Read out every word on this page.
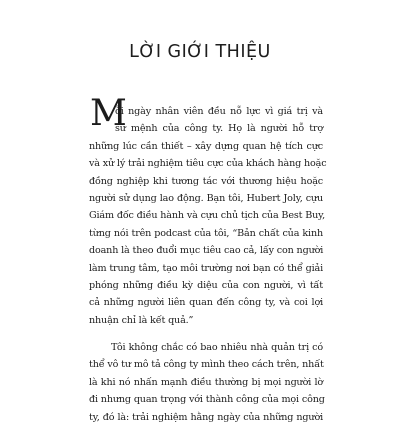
LỜI GIỚI THIỆU
M
ỗi ngày nhân viên đều nỗ lực vì giá trị và
sứ mệnh của công ty. Họ là người hỗ trợ
những lúc cần thiết – xây dựng quan hệ tích cực
và xử lý trải nghiệm tiêu cực của khách hàng hoặc
đồng nghiệp khi tương tác với thương hiệu hoặc
người sử dụng lao động. Bạn tôi, Hubert Joly, cựu
Giám đốc điều hành và cựu chủ tịch của Best Buy,
từng nói trên podcast của tôi, “Bản chất của kinh
doanh là theo đuổi mục tiêu cao cả, lấy con người
làm trung tâm, tạo môi trường nơi bạn có thể giải
phóng những điều kỳ diệu của con người, vì tất
cả những người liên quan đến công ty, và coi lợi
nhuận chỉ là kết quả.”
Tôi không chắc có bao nhiêu nhà quản trị có
thể vô tư mô tả công ty mình theo cách trên, nhất
là khi nó nhấn mạnh điều thường bị mọi người lờ
đi nhưng quan trọng với thành công của mọi công
ty, đó là: trải nghiệm hằng ngày của những người
